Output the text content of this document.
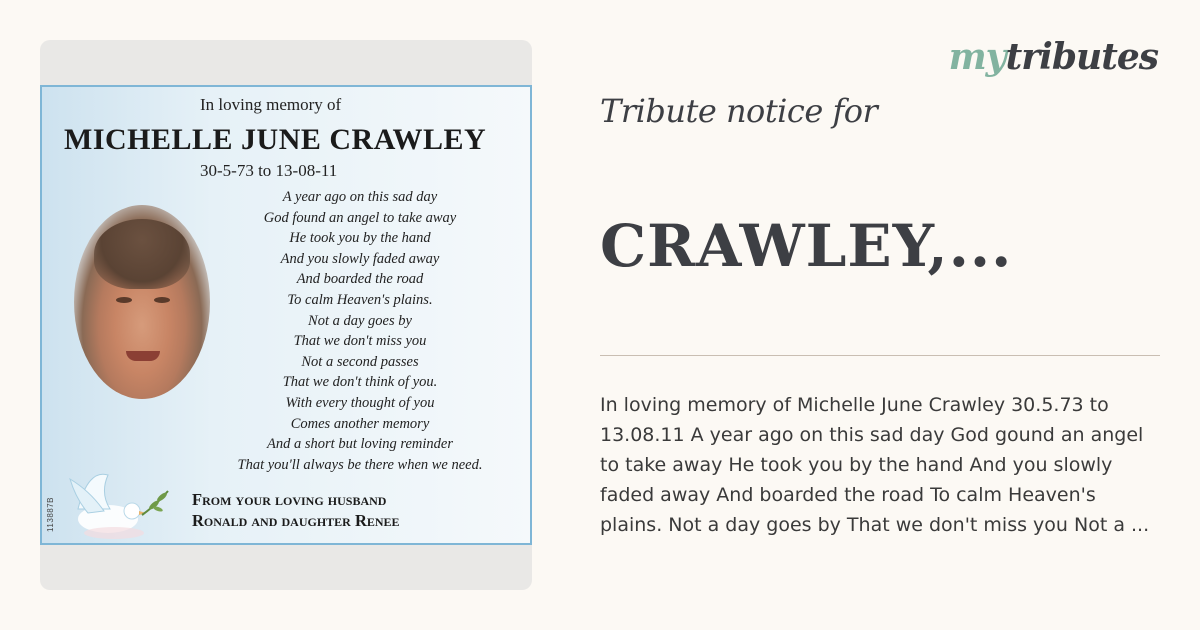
In loving memory of
MICHELLE JUNE CRAWLEY
30-5-73 to 13-08-11
A year ago on this sad day
God found an angel to take away
He took you by the hand
And you slowly faded away
And boarded the road
To calm Heaven's plains.
Not a day goes by
That we don't miss you
Not a second passes
That we don't think of you.
With every thought of you
Comes another memory
And a short but loving reminder
That you'll always be there when we need.
From your loving husband
Ronald and daughter Renee
113887B
mytributes
Tribute notice for
CRAWLEY,...
In loving memory of Michelle June Crawley 30.5.73 to 13.08.11 A year ago on this sad day God gound an angel to take away He took you by the hand And you slowly faded away And boarded the road To calm Heaven's plains. Not a day goes by That we don't miss you Not a ...
